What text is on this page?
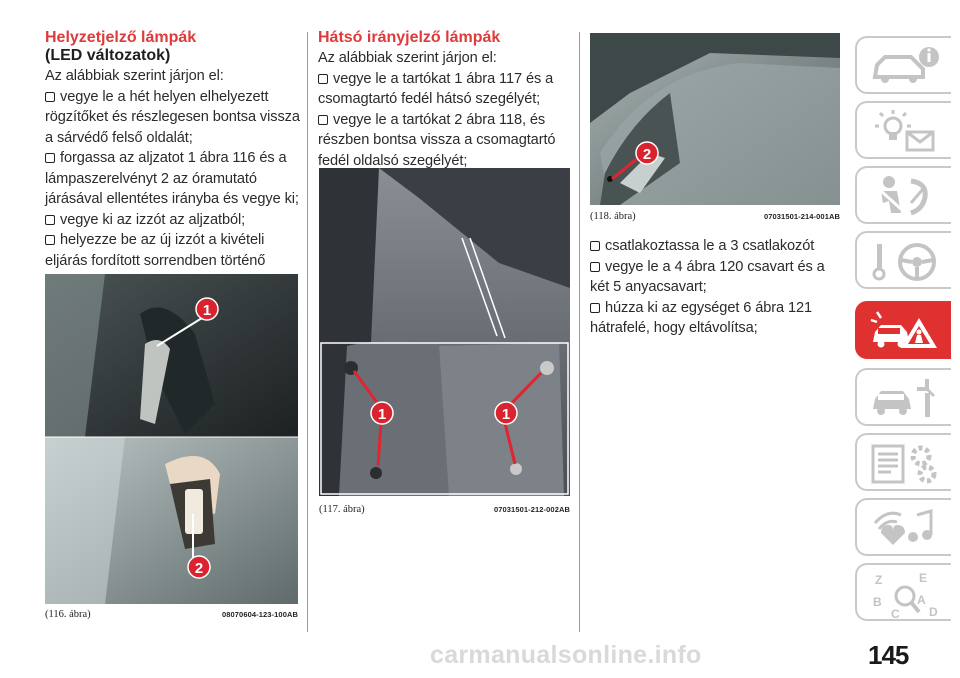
Helyzetjelző lámpák

(LED változatok)

Az alábbiak szerint járjon el:

vegye le a hét helyen elhelyezett rögzítőket és részlegesen bontsa vissza a sárvédő felső oldalát;

forgassa az aljzatot 1 ábra 116 és a lámpaszerelvényt 2 az óramutató járásával ellentétes irányba és vegye ki;

vegye ki az izzót az aljzatból;

helyezze be az új izzót a kivételi eljárás fordított sorrendben történő

1
2
(116. ábra)	08070604-123-100AB

Hátsó irányjelző lámpák

Az alábbiak szerint járjon el:

vegye le a tartókat 1 ábra 117 és a csomagtartó fedél hátsó szegélyét;

vegye le a tartókat 2 ábra 118, és részben bontsa vissza a csomagtartó fedél oldalsó szegélyét;

1	1
(117. ábra)	07031501-212-002AB
2
(118. ábra)	07031501-214-001AB

csatlakoztassa le a 3 csatlakozót

vegye le a 4 ábra 120 csavart és a két 5 anyacsavart;

húzza ki az egységet 6 ábra 121 hátrafelé, hogy eltávolítsa;

Z	E
B
C
A
D
carmanualsonline.info	145
